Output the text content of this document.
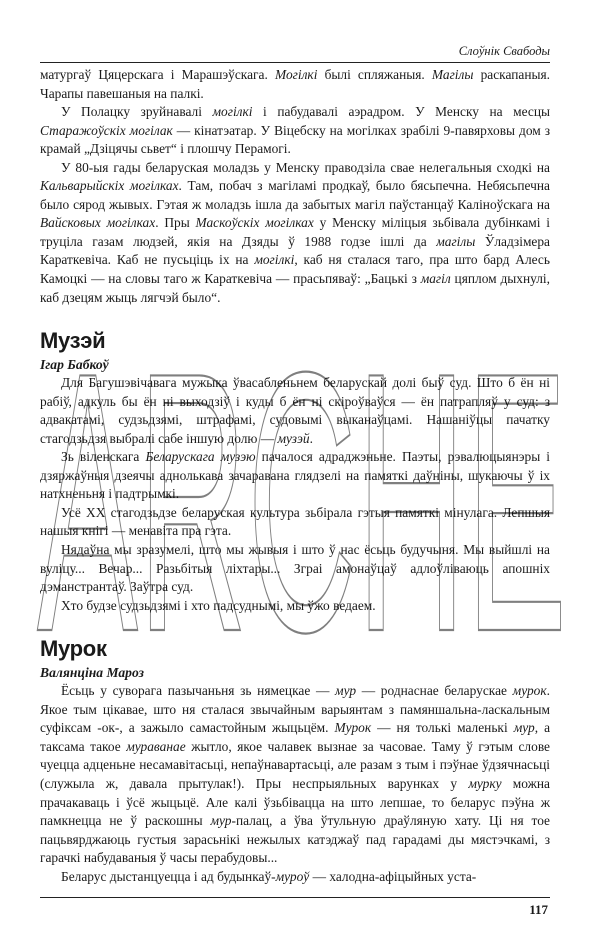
Слоўнік Свабоды

матургаў Цяцерскага і Марашэўскага. Могілкі былі спляжаныя. Магілы раскапаныя. Чарапы павешаныя на палкі.

У Полацку зруйнавалі могілкі і пабудавалі аэрадром. У Менску на месцы Старажоўскіх могілак — кінатэатар. У Віцебску на могілках зрабілі 9-павярховы дом з крамай „Дзіцячы сьвет“ і плошчу Перамогі.

У 80-ыя гады беларуская моладзь у Менску праводзіла свае нелегальныя сходкі на Кальварыйскіх могілках. Там, побач з магіламі продкаў, было бясьпечна. Небясьпечна было сярод жывых. Гэтая ж моладзь ішла да забытых магіл паўстанцаў Каліноўскага на Вайсковых могілках. Пры Маскоўскіх могілках у Менску міліцыя зьбівала дубінкамі і труціла газам людзей, якія на Дзяды ў 1988 годзе ішлі да магілы Ўладзімера Караткевіча. Каб не пусьціць іх на могілкі, каб ня сталася таго, пра што бард Алесь Камоцкі — на словы таго ж Караткевіча — прасьпяваў: „Бацькі з магіл цяплом дыхнулі, каб дзецям жыць лягчэй было“.

Музэй
Ігар Бабкоў

Для Багушэвічавага мужыка ўвасабленьнем беларускай долі быў суд. Што б ён ні рабіў, адкуль бы ён ні выходзіў і куды б ён ні скіроўваўся — ён патрапляў у суд: з адвакатамі, судзьдзямі, штрафамі, судовымі выканаўцамі. Нашаніўцы пачатку стагодзьдзя выбралі сабе іншую долю — музэй.

Зь віленскага Беларускага музэю пачалося адраджэньне. Паэты, рэвалюцыянэры і дзяржаўныя дзеячы аднолькава зачаравана глядзелі на памяткі даўніны, шукаючы ў іх натхненьня і падтрымкі.

Усё XX стагодзьдзе беларуская культура зьбірала гэтыя памяткі мінулага. Лепшыя нашыя кнігі — менавіта пра гэта.

Нядаўна мы зразумелі, што мы жывыя і што ў нас ёсьць будучыня. Мы выйшлі на вуліцу... Вечар... Разьбітыя ліхтары... Зграі амонаўцаў адлоўліваюць апошніх дэманстрантаў. Заўтра суд.

Хто будзе судзьдзямі і хто падсуднымі, мы ўжо ведаем.

Мурок
Валянціна Мароз

Ёсьць у суворага пазычаньня зь нямецкае — мур — роднаснае беларускае мурок. Якое тым цікавае, што ня сталася звычайным варыянтам з памяншальна-ласкальным суфіксам -ок-, а зажыло самастойным жыцьцём. Мурок — ня толькі маленькі мур, а таксама такое мураванае жытло, якое чалавек вызнае за часовае. Таму ў гэтым слове чуецца адценьне несамавітасьці, непаўнавартасьці, але разам з тым і пэўнае ўдзячнасьці (служыла ж, давала прытулак!). Пры неспрыяльных варунках у мурку можна прачакаваць і ўсё жыцьцё. Але калі ўзьбівацца на што лепшае, то беларус пэўна ж памкнецца не ў раскошны мур-палац, а ўва ўтульную драўляную хату. Ці ня тое пацьвярджаюць густыя зарасьнікі нежылых катэджаў пад гарадамі ды мястэчкамі, з гарачкі набудаваныя ў часы перабудовы...

Беларус дыстанцуецца і ад будынкаў-муроў — халодна-афіцыйных уста-

ARCHE
117
